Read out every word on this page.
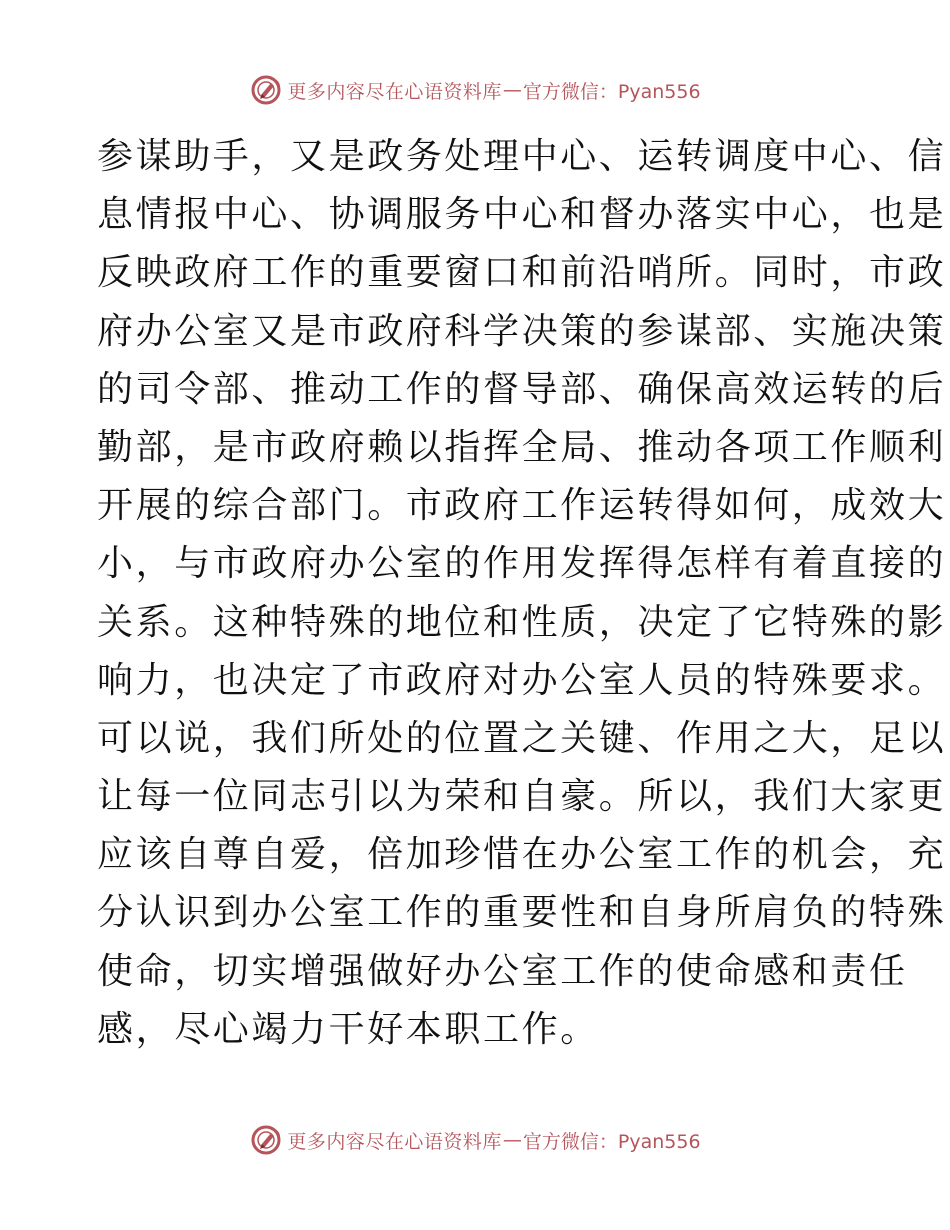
更多内容尽在心语资料库 — 官方微信：Pyan556
参谋助手，又是政务处理中心、运转调度中心、信
息情报中心、协调服务中心和督办落实中心，也是
反映政府工作的重要窗口和前沿哨所。同时，市政
府办公室又是市政府科学决策的参谋部、实施决策
的司令部、推动工作的督导部、确保高效运转的后
勤部，是市政府赖以指挥全局、推动各项工作顺利
开展的综合部门。市政府工作运转得如何，成效大
小，与市政府办公室的作用发挥得怎样有着直接的
关系。这种特殊的地位和性质，决定了它特殊的影
响力，也决定了市政府对办公室人员的特殊要求。
可以说，我们所处的位置之关键、作用之大，足以
让每一位同志引以为荣和自豪。所以，我们大家更
应该自尊自爱，倍加珍惜在办公室工作的机会，充
分认识到办公室工作的重要性和自身所肩负的特殊
使命，切实增强做好办公室工作的使命感和责任
感，尽心竭力干好本职工作。
更多内容尽在心语资料库 — 官方微信：Pyan556
